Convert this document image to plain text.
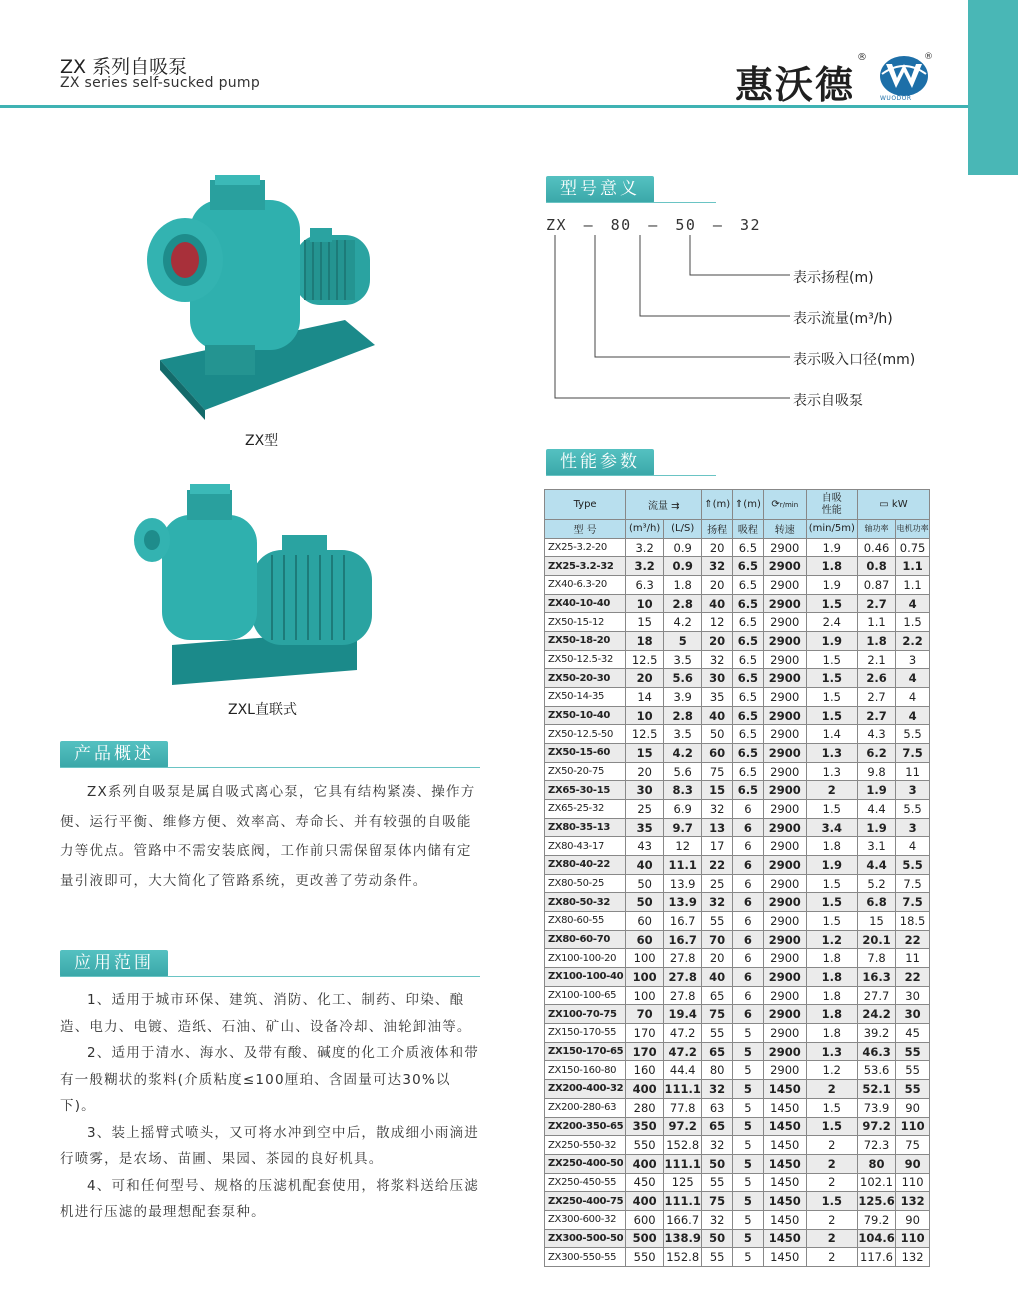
ZX 系列自吸泵
ZX series self-sucked pump	惠沃德
®
WUODOR
®
ZX型
ZXL直联式
型号意义
ZX – 80 – 50 – 32
表示扬程(m)
表示流量(m³/h)
表示吸入口径(mm)
表示自吸泵
性能参数
Type	流量 ⇉		⇑(m)	⇑(m)	⟳r/min	自吸
性能	▭ kW	
型 号	(m³/h)	(L/S)	扬程	吸程	转速	(min/5m)	轴功率	电机功率
ZX25-3.2-20	3.2	0.9	20	6.5	2900	1.9	0.46	0.75
ZX25-3.2-32	3.2	0.9	32	6.5	2900	1.8	0.8	1.1
ZX40-6.3-20	6.3	1.8	20	6.5	2900	1.9	0.87	1.1
ZX40-10-40	10	2.8	40	6.5	2900	1.5	2.7	4
ZX50-15-12	15	4.2	12	6.5	2900	2.4	1.1	1.5
ZX50-18-20	18	5	20	6.5	2900	1.9	1.8	2.2
ZX50-12.5-32	12.5	3.5	32	6.5	2900	1.5	2.1	3
ZX50-20-30	20	5.6	30	6.5	2900	1.5	2.6	4
ZX50-14-35	14	3.9	35	6.5	2900	1.5	2.7	4
ZX50-10-40	10	2.8	40	6.5	2900	1.5	2.7	4
ZX50-12.5-50	12.5	3.5	50	6.5	2900	1.4	4.3	5.5
ZX50-15-60	15	4.2	60	6.5	2900	1.3	6.2	7.5
ZX50-20-75	20	5.6	75	6.5	2900	1.3	9.8	11
ZX65-30-15	30	8.3	15	6.5	2900	2	1.9	3
ZX65-25-32	25	6.9	32	6	2900	1.5	4.4	5.5
ZX80-35-13	35	9.7	13	6	2900	3.4	1.9	3
ZX80-43-17	43	12	17	6	2900	1.8	3.1	4
ZX80-40-22	40	11.1	22	6	2900	1.9	4.4	5.5
ZX80-50-25	50	13.9	25	6	2900	1.5	5.2	7.5
ZX80-50-32	50	13.9	32	6	2900	1.5	6.8	7.5
ZX80-60-55	60	16.7	55	6	2900	1.5	15	18.5
ZX80-60-70	60	16.7	70	6	2900	1.2	20.1	22
ZX100-100-20	100	27.8	20	6	2900	1.8	7.8	11
ZX100-100-40	100	27.8	40	6	2900	1.8	16.3	22
ZX100-100-65	100	27.8	65	6	2900	1.8	27.7	30
ZX100-70-75	70	19.4	75	6	2900	1.8	24.2	30
ZX150-170-55	170	47.2	55	5	2900	1.8	39.2	45
ZX150-170-65	170	47.2	65	5	2900	1.3	46.3	55
ZX150-160-80	160	44.4	80	5	2900	1.2	53.6	55
ZX200-400-32	400	111.1	32	5	1450	2	52.1	55
ZX200-280-63	280	77.8	63	5	1450	1.5	73.9	90
ZX200-350-65	350	97.2	65	5	1450	1.5	97.2	110
ZX250-550-32	550	152.8	32	5	1450	2	72.3	75
ZX250-400-50	400	111.1	50	5	1450	2	80	90
ZX250-450-55	450	125	55	5	1450	2	102.1	110
ZX250-400-75	400	111.1	75	5	1450	1.5	125.6	132
ZX300-600-32	600	166.7	32	5	1450	2	79.2	90
ZX300-500-50	500	138.9	50	5	1450	2	104.6	110
ZX300-550-55	550	152.8	55	5	1450	2	117.6	132
产品概述
ZX系列自吸泵是属自吸式离心泵，它具有结构紧凑、操作方便、运行平衡、维修方便、效率高、寿命长、并有较强的自吸能力等优点。管路中不需安装底阀，工作前只需保留泵体内储有定量引液即可，大大简化了管路系统，更改善了劳动条件。
应用范围
1、适用于城市环保、建筑、消防、化工、制药、印染、酿造、电力、电镀、造纸、石油、矿山、设备冷却、油轮卸油等。
2、适用于清水、海水、及带有酸、碱度的化工介质液体和带有一般糊状的浆料(介质粘度≤100厘珀、含固量可达30%以下)。
3、装上摇臂式喷头，又可将水冲到空中后，散成细小雨滴进行喷雾，是农场、苗圃、果园、茶园的良好机具。
4、可和任何型号、规格的压滤机配套使用，将浆料送给压滤机进行压滤的最理想配套泵种。
